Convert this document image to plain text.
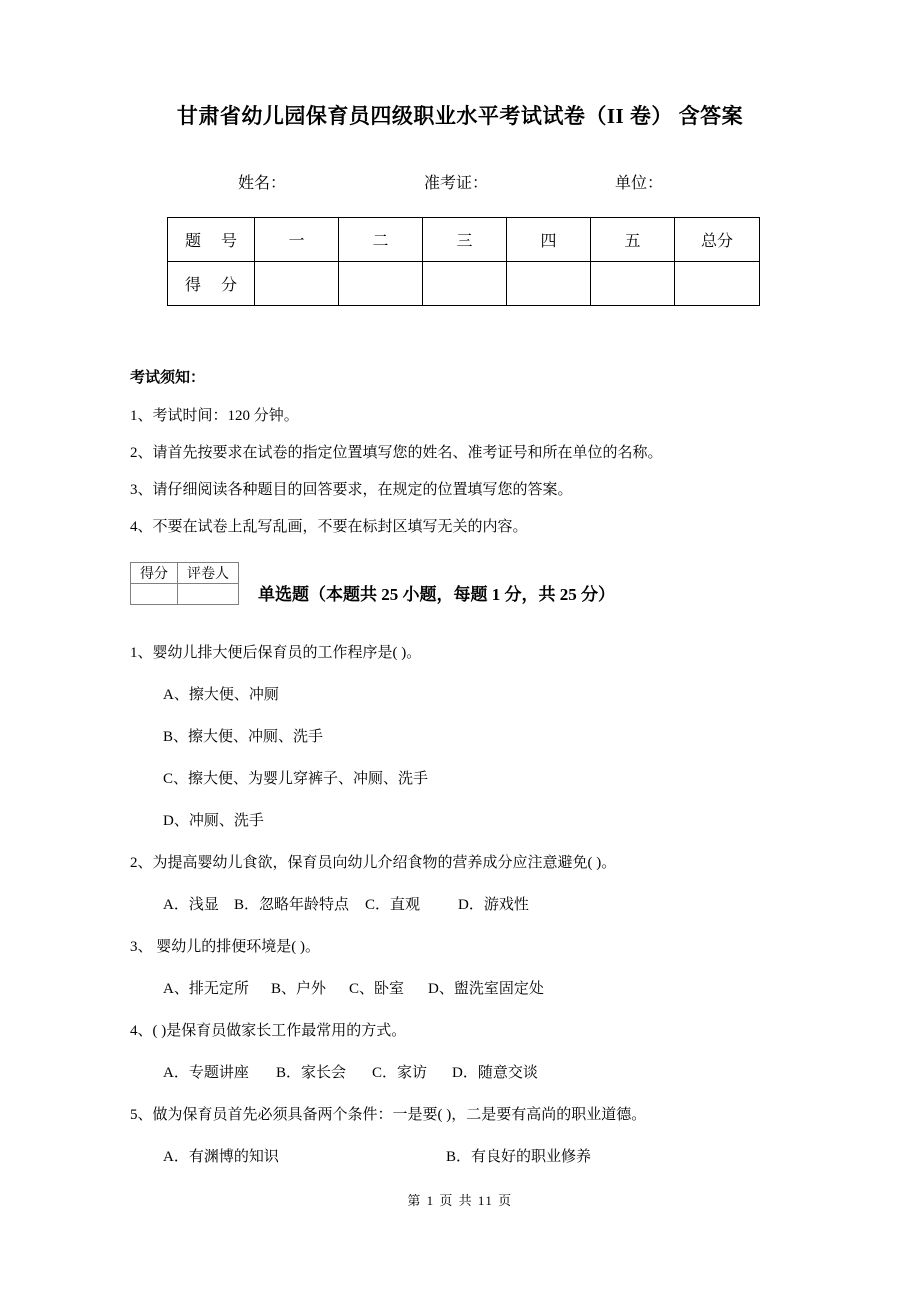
甘肃省幼儿园保育员四级职业水平考试试卷（II 卷） 含答案
姓名：	准考证：	单位：
题 号	一	二	三	四	五	总分
得 分						
考试须知：
1、考试时间：120 分钟。
2、请首先按要求在试卷的指定位置填写您的姓名、准考证号和所在单位的名称。
3、请仔细阅读各种题目的回答要求，在规定的位置填写您的答案。
4、不要在试卷上乱写乱画，不要在标封区填写无关的内容。
得分	评卷人

单选题（本题共 25 小题，每题 1 分，共 25 分）
1、婴幼儿排大便后保育员的工作程序是( )。
A、擦大便、冲厕
B、擦大便、冲厕、洗手
C、擦大便、为婴儿穿裤子、冲厕、洗手
D、冲厕、洗手
2、为提高婴幼儿食欲，保育员向幼儿介绍食物的营养成分应注意避免( )。
A．浅显 B．忽略年龄特点 C．直观	D．游戏性
3、 婴幼儿的排便环境是( )。
A、排无定所 B、户外 C、卧室 D、盥洗室固定处
4、( )是保育员做家长工作最常用的方式。
A．专题讲座 B．家长会 C．家访 D．随意交谈
5、做为保育员首先必须具备两个条件：一是要( )，二是要有高尚的职业道德。
A．有渊博的知识	B．有良好的职业修养
第 1 页 共 11 页
